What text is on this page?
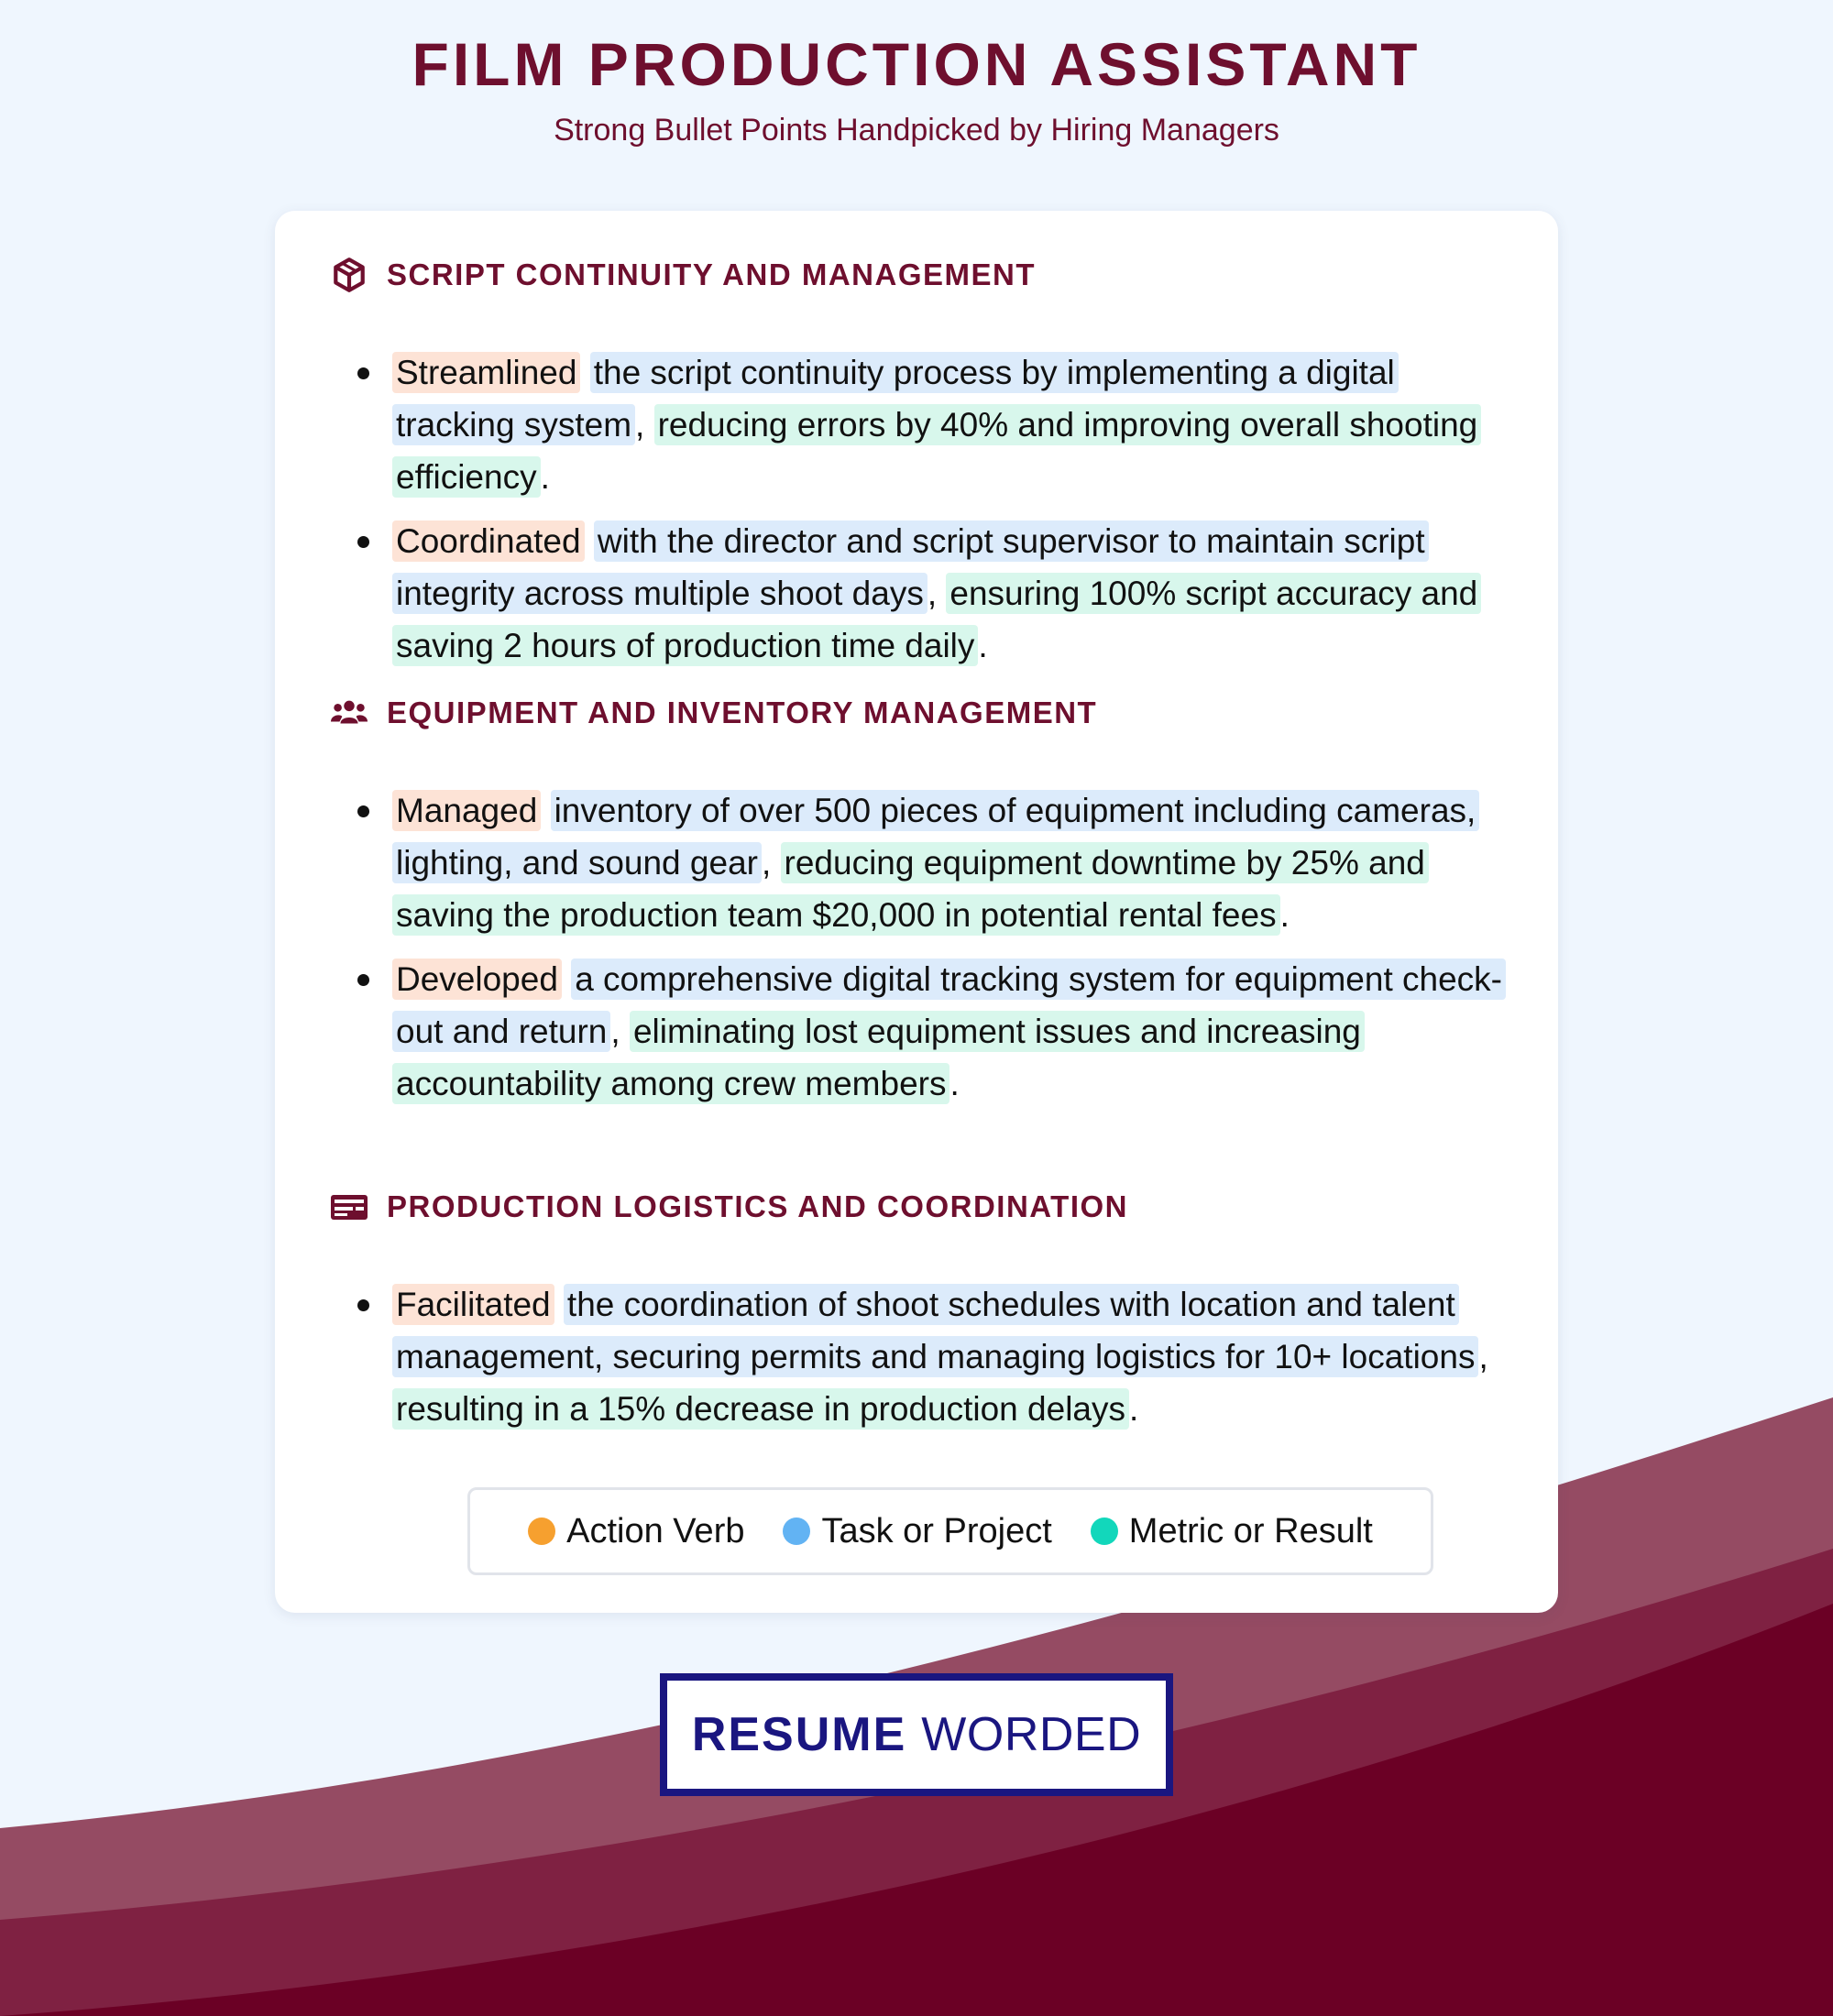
FILM PRODUCTION ASSISTANT
Strong Bullet Points Handpicked by Hiring Managers
SCRIPT CONTINUITY AND MANAGEMENT
Streamlined the script continuity process by implementing a digital tracking system , reducing errors by 40% and improving overall shooting efficiency .
Coordinated with the director and script supervisor to maintain script integrity across multiple shoot days , ensuring 100% script accuracy and saving 2 hours of production time daily .
EQUIPMENT AND INVENTORY MANAGEMENT
Managed inventory of over 500 pieces of equipment including cameras, lighting, and sound gear , reducing equipment downtime by 25% and saving the production team $20,000 in potential rental fees .
Developed a comprehensive digital tracking system for equipment check-out and return , eliminating lost equipment issues and increasing accountability among crew members .
PRODUCTION LOGISTICS AND COORDINATION
Facilitated the coordination of shoot schedules with location and talent management, securing permits and managing logistics for 10+ locations , resulting in a 15% decrease in production delays .
Action Verb Task or Project Metric or Result
RESUME WORDED
